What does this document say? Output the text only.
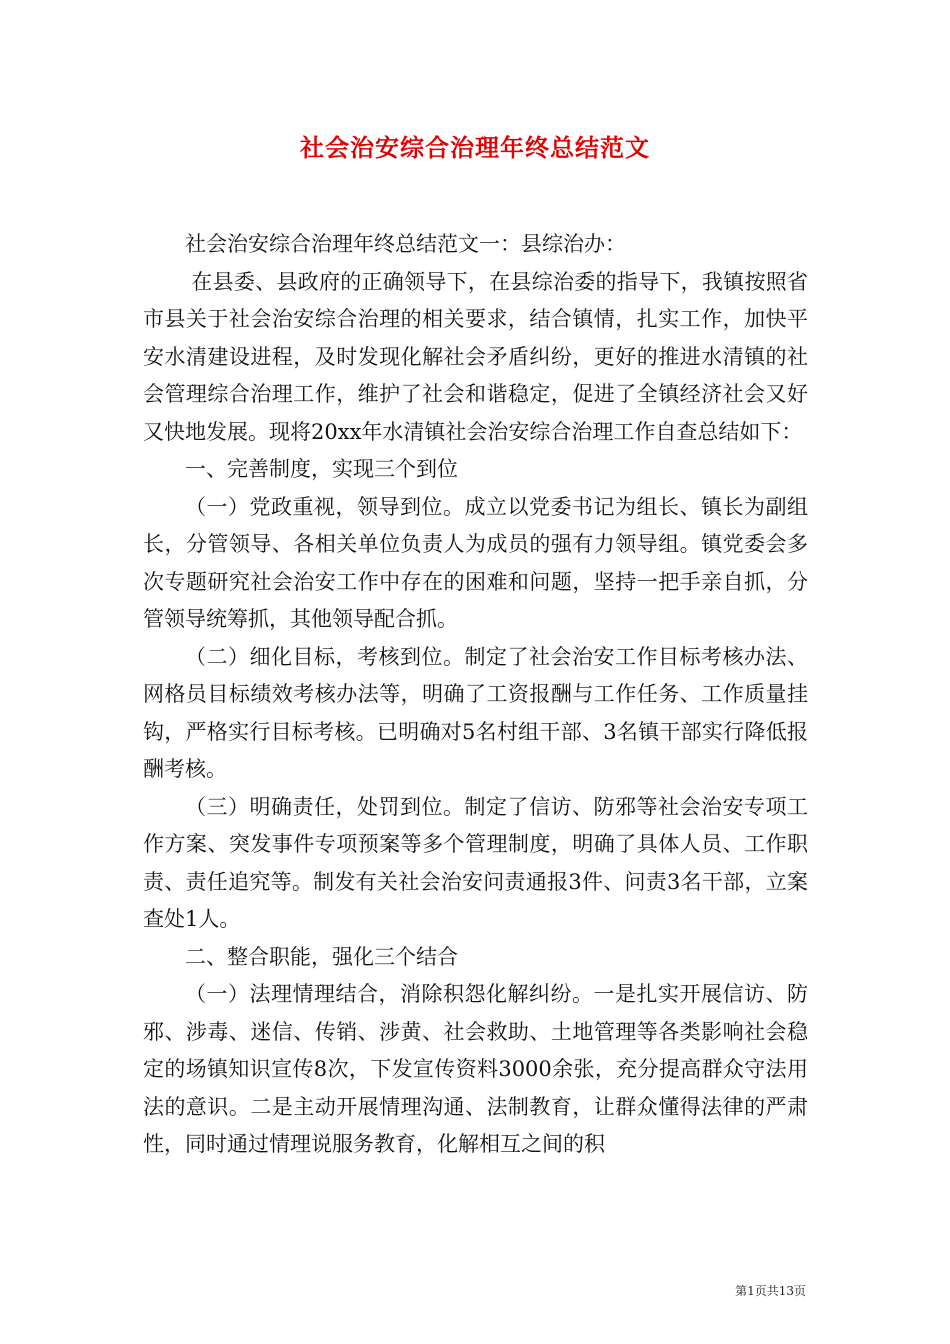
社会治安综合治理年终总结范文

社会治安综合治理年终总结范文一：县综治办：

在县委、县政府的正确领导下，在县综治委的指导下，我镇按照省市县关于社会治安综合治理的相关要求，结合镇情，扎实工作，加快平安水清建设进程，及时发现化解社会矛盾纠纷，更好的推进水清镇的社会管理综合治理工作，维护了社会和谐稳定，促进了全镇经济社会又好又快地发展。现将20xx年水清镇社会治安综合治理工作自查总结如下：

一、完善制度，实现三个到位

（一）党政重视，领导到位。成立以党委书记为组长、镇长为副组长，分管领导、各相关单位负责人为成员的强有力领导组。镇党委会多次专题研究社会治安工作中存在的困难和问题，坚持一把手亲自抓，分管领导统筹抓，其他领导配合抓。

（二）细化目标，考核到位。制定了社会治安工作目标考核办法、网格员目标绩效考核办法等，明确了工资报酬与工作任务、工作质量挂钩，严格实行目标考核。已明确对5名村组干部、3名镇干部实行降低报酬考核。

（三）明确责任，处罚到位。制定了信访、防邪等社会治安专项工作方案、突发事件专项预案等多个管理制度，明确了具体人员、工作职责、责任追究等。制发有关社会治安问责通报3件、问责3名干部，立案查处1人。

二、整合职能，强化三个结合

（一）法理情理结合，消除积怨化解纠纷。一是扎实开展信访、防邪、涉毒、迷信、传销、涉黄、社会救助、土地管理等各类影响社会稳定的场镇知识宣传8次，下发宣传资料3000余张，充分提高群众守法用法的意识。二是主动开展情理沟通、法制教育，让群众懂得法律的严肃性，同时通过情理说服务教育，化解相互之间的积

第1页共13页
